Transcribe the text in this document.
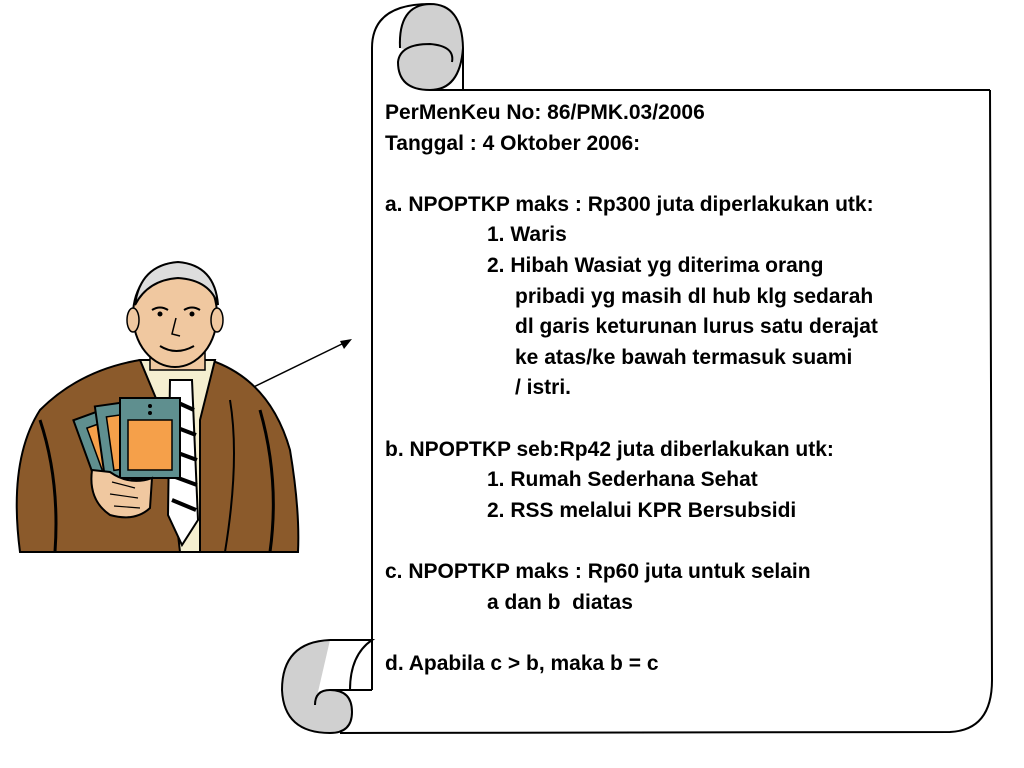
PerMenKeu No: 86/PMK.03/2006
Tanggal : 4 Oktober 2006:
a. NPOPTKP maks : Rp300 juta diperlakukan utk:
1. Waris
2. Hibah Wasiat yg diterima orang
pribadi yg masih dl hub klg sedarah
dl garis keturunan lurus satu derajat
ke atas/ke bawah termasuk suami
/ istri.
b. NPOPTKP seb:Rp42 juta diberlakukan utk:
1. Rumah Sederhana Sehat
2. RSS melalui KPR Bersubsidi
c. NPOPTKP maks : Rp60 juta untuk selain
a dan b  diatas
d. Apabila c > b, maka b = c
